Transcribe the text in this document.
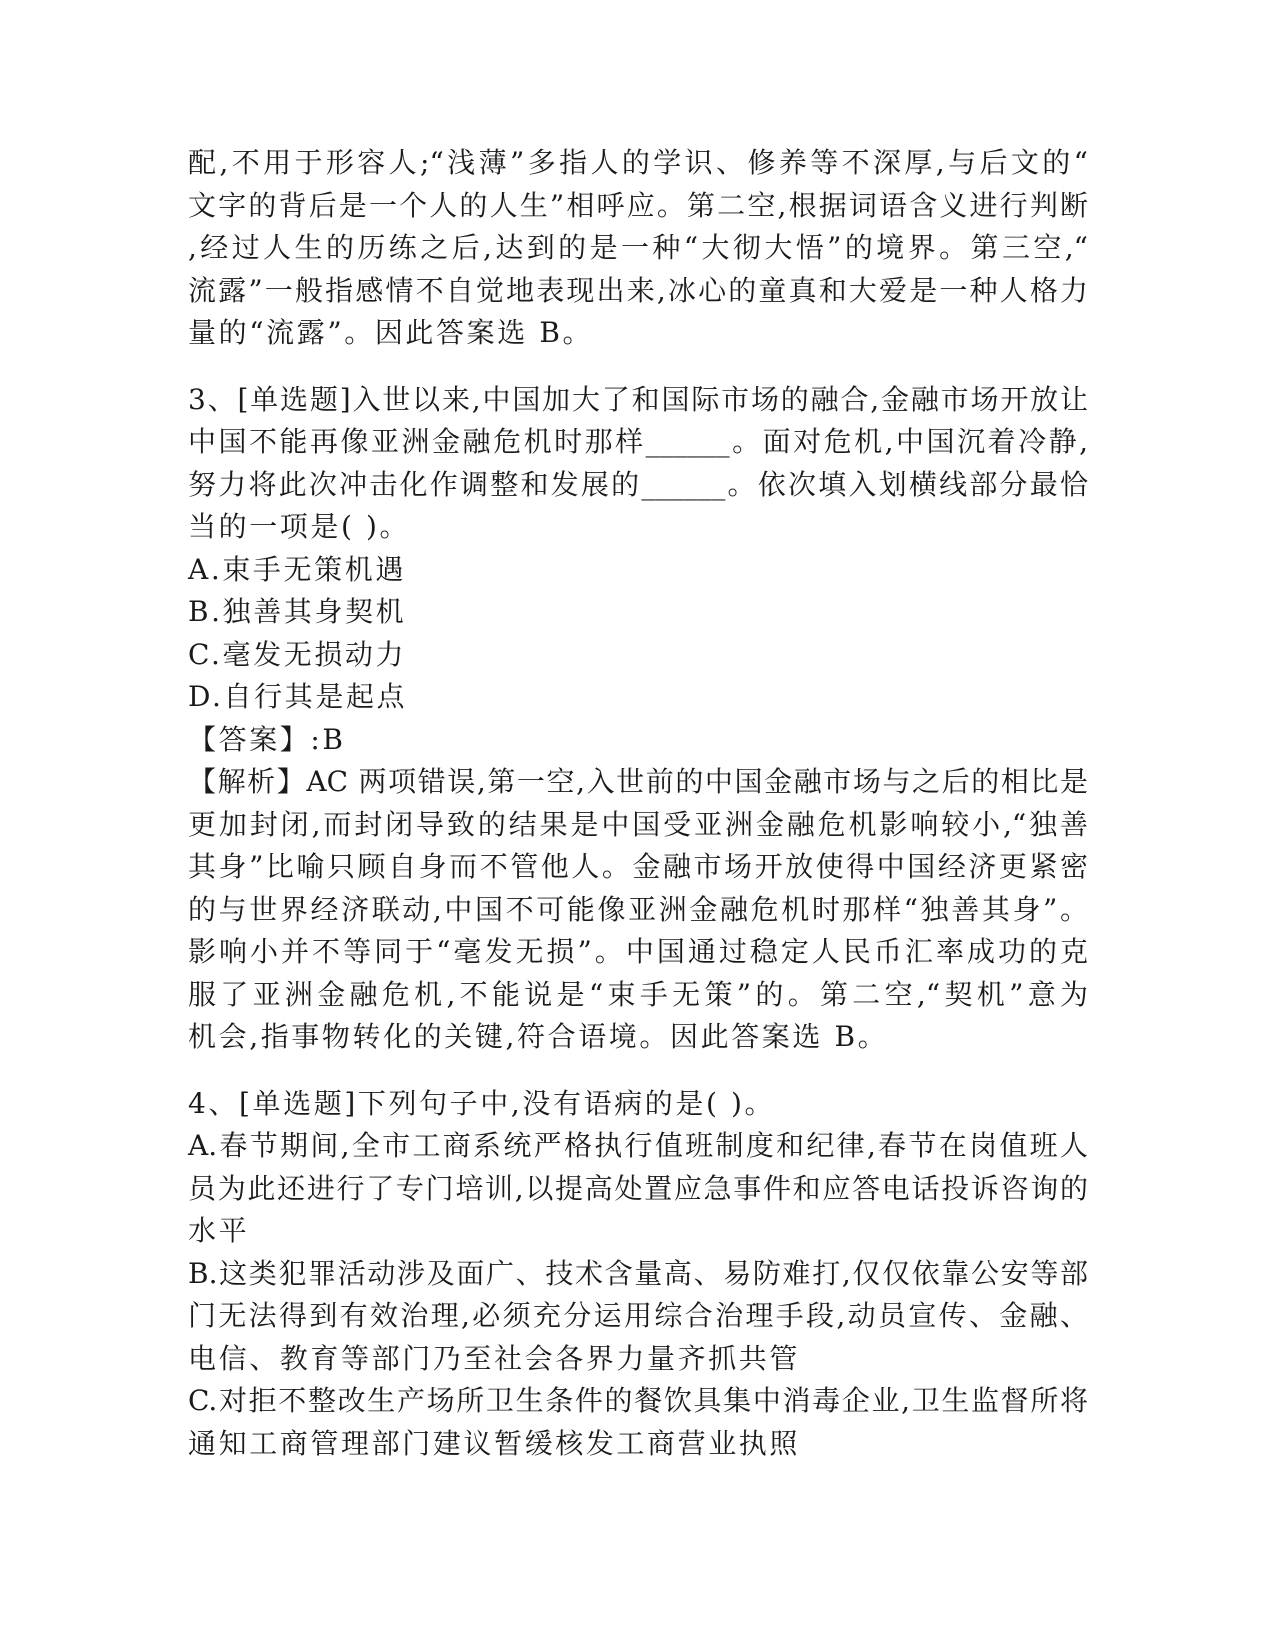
配,不用于形容人;“浅薄”多指人的学识、修养等不深厚,与后文的“
文字的背后是一个人的人生”相呼应。第二空,根据词语含义进行判断
,经过人生的历练之后,达到的是一种“大彻大悟”的境界。第三空,“
流露”一般指感情不自觉地表现出来,冰心的童真和大爱是一种人格力
量的“流露”。因此答案选 B。
3、[单选题]入世以来,中国加大了和国际市场的融合,金融市场开放让
中国不能再像亚洲金融危机时那样______。面对危机,中国沉着冷静,
努力将此次冲击化作调整和发展的______。依次填入划横线部分最恰
当的一项是( )。
A.束手无策机遇
B.独善其身契机
C.毫发无损动力
D.自行其是起点
【答案】:B
【解析】AC 两项错误,第一空,入世前的中国金融市场与之后的相比是
更加封闭,而封闭导致的结果是中国受亚洲金融危机影响较小,“独善
其身”比喻只顾自身而不管他人。金融市场开放使得中国经济更紧密
的与世界经济联动,中国不可能像亚洲金融危机时那样“独善其身”。
影响小并不等同于“毫发无损”。中国通过稳定人民币汇率成功的克
服了亚洲金融危机,不能说是“束手无策”的。第二空,“契机”意为
机会,指事物转化的关键,符合语境。因此答案选 B。
4、[单选题]下列句子中,没有语病的是( )。
A.春节期间,全市工商系统严格执行值班制度和纪律,春节在岗值班人
员为此还进行了专门培训,以提高处置应急事件和应答电话投诉咨询的
水平
B.这类犯罪活动涉及面广、技术含量高、易防难打,仅仅依靠公安等部
门无法得到有效治理,必须充分运用综合治理手段,动员宣传、金融、
电信、教育等部门乃至社会各界力量齐抓共管
C.对拒不整改生产场所卫生条件的餐饮具集中消毒企业,卫生监督所将
通知工商管理部门建议暂缓核发工商营业执照
